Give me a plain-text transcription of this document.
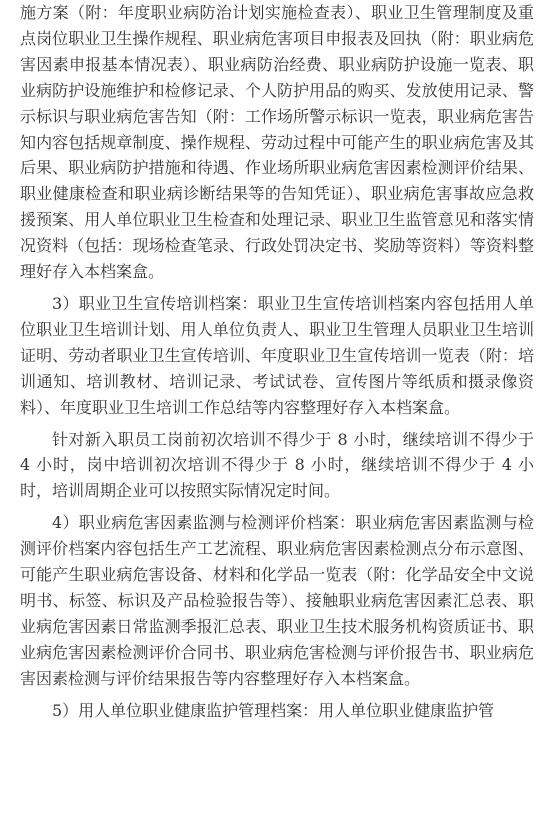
施方案（附：年度职业病防治计划实施检查表）、职业卫生管理制度及重点岗位职业卫生操作规程、职业病危害项目申报表及回执（附：职业病危害因素申报基本情况表）、职业病防治经费、职业病防护设施一览表、职业病防护设施维护和检修记录、个人防护用品的购买、发放使用记录、警示标识与职业病危害告知（附：工作场所警示标识一览表，职业病危害告知内容包括规章制度、操作规程、劳动过程中可能产生的职业病危害及其后果、职业病防护措施和待遇、作业场所职业病危害因素检测评价结果、职业健康检查和职业病诊断结果等的告知凭证）、职业病危害事故应急救援预案、用人单位职业卫生检查和处理记录、职业卫生监管意见和落实情况资料（包括：现场检查笔录、行政处罚决定书、奖励等资料）等资料整理好存入本档案盒。

3）职业卫生宣传培训档案：职业卫生宣传培训档案内容包括用人单位职业卫生培训计划、用人单位负责人、职业卫生管理人员职业卫生培训证明、劳动者职业卫生宣传培训、年度职业卫生宣传培训一览表（附：培训通知、培训教材、培训记录、考试试卷、宣传图片等纸质和摄录像资料）、年度职业卫生培训工作总结等内容整理好存入本档案盒。

针对新入职员工岗前初次培训不得少于 8 小时，继续培训不得少于 4 小时，岗中培训初次培训不得少于 8 小时，继续培训不得少于 4 小时，培训周期企业可以按照实际情况定时间。

4）职业病危害因素监测与检测评价档案：职业病危害因素监测与检测评价档案内容包括生产工艺流程、职业病危害因素检测点分布示意图、可能产生职业病危害设备、材料和化学品一览表（附：化学品安全中文说明书、标签、标识及产品检验报告等）、接触职业病危害因素汇总表、职业病危害因素日常监测季报汇总表、职业卫生技术服务机构资质证书、职业病危害因素检测评价合同书、职业病危害检测与评价报告书、职业病危害因素检测与评价结果报告等内容整理好存入本档案盒。

5）用人单位职业健康监护管理档案：用人单位职业健康监护管
